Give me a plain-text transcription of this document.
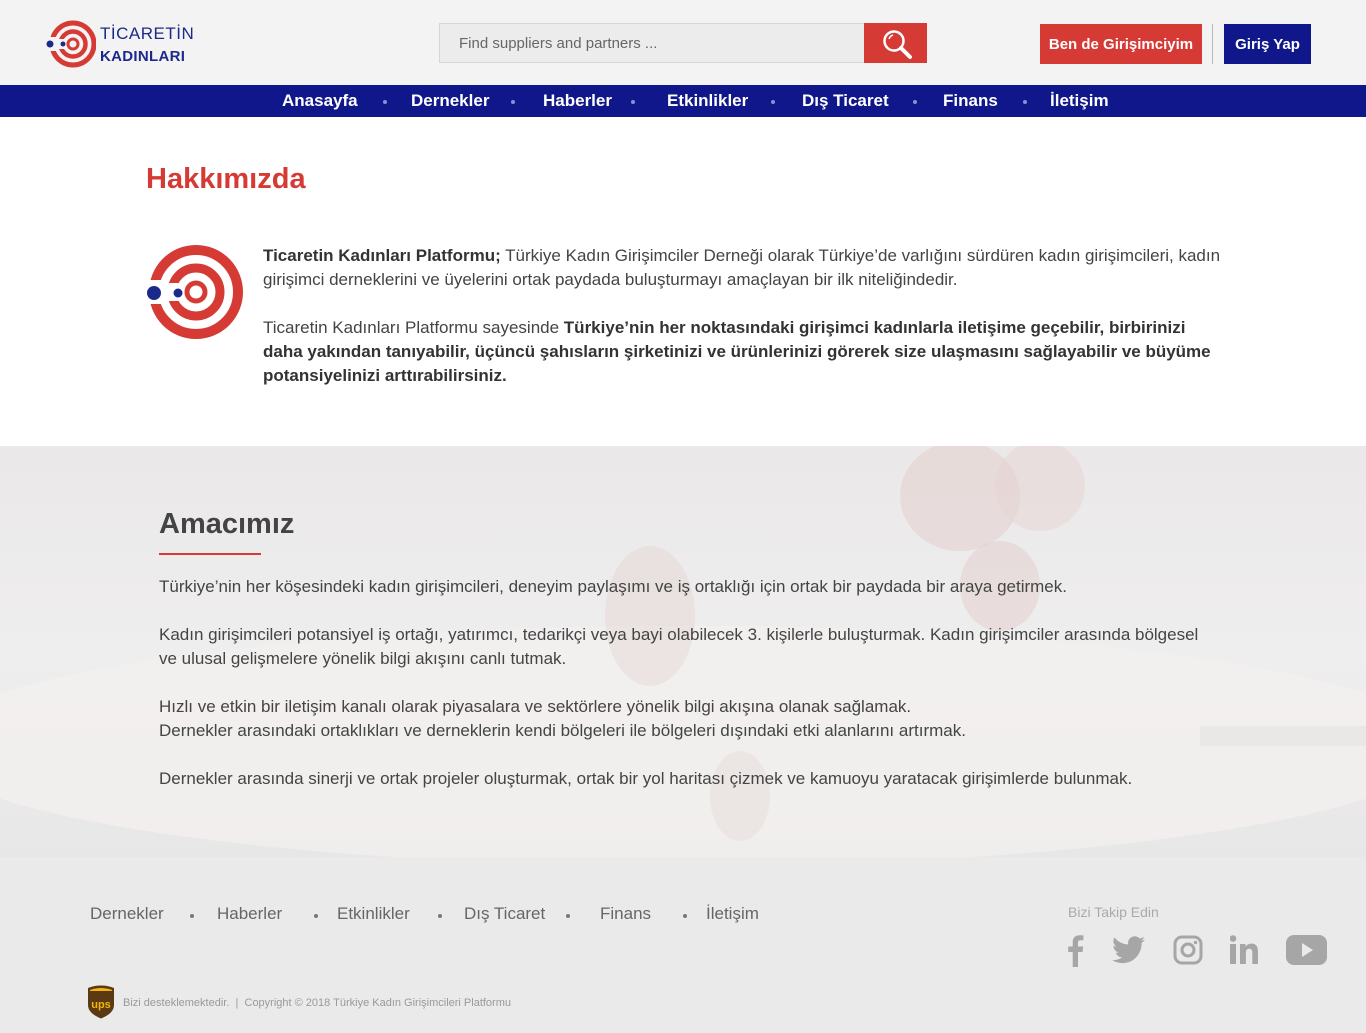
TİCARETİN
KADINLARI
Find suppliers and partners ...
Ben de Girişimciyim	Giriş Yap
Anasayfa	Dernekler	Haberler	Etkinlikler	Dış Ticaret	Finans	İletişim
Hakkımızda

Ticaretin Kadınları Platformu; Türkiye Kadın Girişimciler Derneği olarak Türkiye’de varlığını sürdüren kadın girişimcileri, kadın girişimci derneklerini ve üyelerini ortak paydada buluşturmayı amaçlayan bir ilk niteliğindedir.

Ticaretin Kadınları Platformu sayesinde Türkiye’nin her noktasındaki girişimci kadınlarla iletişime geçebilir, birbirinizi daha yakından tanıyabilir, üçüncü şahısların şirketinizi ve ürünlerinizi görerek size ulaşmasını sağlayabilir ve büyüme potansiyelinizi arttırabilirsiniz.

Amacımız

Türkiye’nin her köşesindeki kadın girişimcileri, deneyim paylaşımı ve iş ortaklığı için ortak bir paydada bir araya getirmek.

Kadın girişimcileri potansiyel iş ortağı, yatırımcı, tedarikçi veya bayi olabilecek 3. kişilerle buluşturmak. Kadın girişimciler arasında bölgesel ve ulusal gelişmelere yönelik bilgi akışını canlı tutmak.

Hızlı ve etkin bir iletişim kanalı olarak piyasalara ve sektörlere yönelik bilgi akışına olanak sağlamak.

Dernekler arasındaki ortaklıkları ve derneklerin kendi bölgeleri ile bölgeleri dışındaki etki alanlarını artırmak.

Dernekler arasında sinerji ve ortak projeler oluşturmak, ortak bir yol haritası çizmek ve kamuoyu yaratacak girişimlerde bulunmak.

Dernekler	Haberler	Etkinlikler	Dış Ticaret	Finans	İletişim	Bizi Takip Edin
ups Bizi desteklemektedir. | Copyright © 2018 Türkiye Kadın Girişimcileri Platformu
